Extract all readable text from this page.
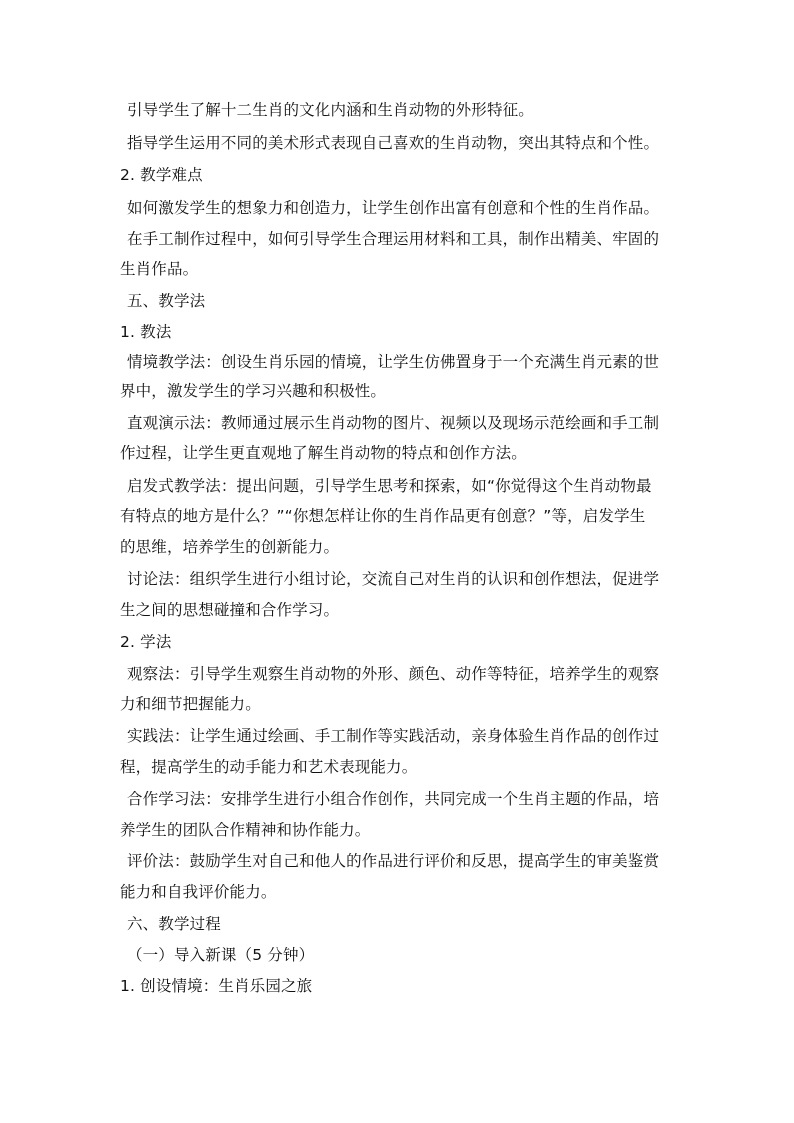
引导学生了解十二生肖的文化内涵和生肖动物的外形特征。
指导学生运用不同的美术形式表现自己喜欢的生肖动物，突出其特点和个性。
2. 教学难点
如何激发学生的想象力和创造力，让学生创作出富有创意和个性的生肖作品。
在手工制作过程中，如何引导学生合理运用材料和工具，制作出精美、牢固的
生肖作品。
五、教学法
1. 教法
情境教学法：创设生肖乐园的情境，让学生仿佛置身于一个充满生肖元素的世
界中，激发学生的学习兴趣和积极性。
直观演示法：教师通过展示生肖动物的图片、视频以及现场示范绘画和手工制
作过程，让学生更直观地了解生肖动物的特点和创作方法。
启发式教学法：提出问题，引导学生思考和探索，如“你觉得这个生肖动物最
有特点的地方是什么？”“你想怎样让你的生肖作品更有创意？”等，启发学生
的思维，培养学生的创新能力。
讨论法：组织学生进行小组讨论，交流自己对生肖的认识和创作想法，促进学
生之间的思想碰撞和合作学习。
2. 学法
观察法：引导学生观察生肖动物的外形、颜色、动作等特征，培养学生的观察
力和细节把握能力。
实践法：让学生通过绘画、手工制作等实践活动，亲身体验生肖作品的创作过
程，提高学生的动手能力和艺术表现能力。
合作学习法：安排学生进行小组合作创作，共同完成一个生肖主题的作品，培
养学生的团队合作精神和协作能力。
评价法：鼓励学生对自己和他人的作品进行评价和反思，提高学生的审美鉴赏
能力和自我评价能力。
六、教学过程
（一）导入新课（5 分钟）
1. 创设情境：生肖乐园之旅
